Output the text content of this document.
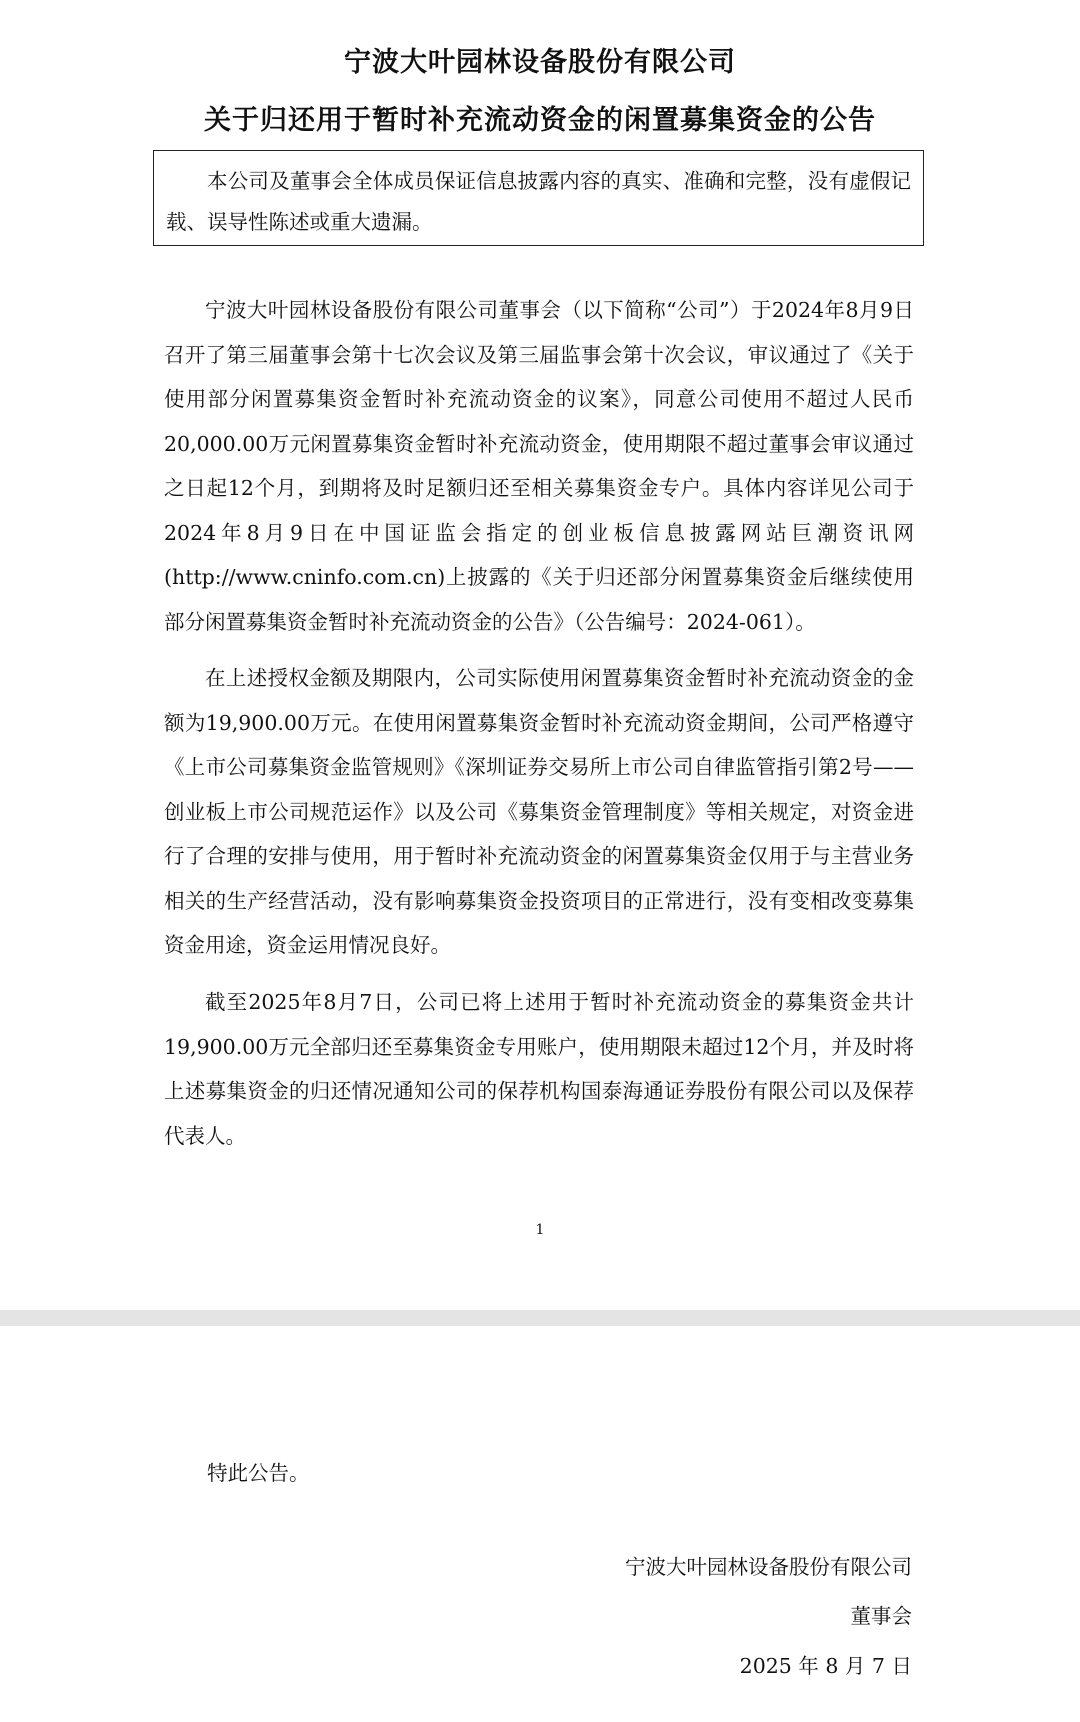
宁波大叶园林设备股份有限公司
关于归还用于暂时补充流动资金的闲置募集资金的公告
本公司及董事会全体成员保证信息披露内容的真实、准确和完整，没有虚假记载、误导性陈述或重大遗漏。

宁波大叶园林设备股份有限公司董事会（以下简称“公司”）于2024年8月9日召开了第三届董事会第十七次会议及第三届监事会第十次会议，审议通过了《关于使用部分闲置募集资金暂时补充流动资金的议案》，同意公司使用不超过人民币20,000.00万元闲置募集资金暂时补充流动资金，使用期限不超过董事会审议通过之日起12个月，到期将及时足额归还至相关募集资金专户。具体内容详见公司于2024年8月9日在中国证监会指定的创业板信息披露网站巨潮资讯网(http://www.cninfo.com.cn)上披露的《关于归还部分闲置募集资金后继续使用部分闲置募集资金暂时补充流动资金的公告》（公告编号：2024-061）。

在上述授权金额及期限内，公司实际使用闲置募集资金暂时补充流动资金的金额为19,900.00万元。在使用闲置募集资金暂时补充流动资金期间，公司严格遵守《上市公司募集资金监管规则》《深圳证券交易所上市公司自律监管指引第2号——创业板上市公司规范运作》以及公司《募集资金管理制度》等相关规定，对资金进行了合理的安排与使用，用于暂时补充流动资金的闲置募集资金仅用于与主营业务相关的生产经营活动，没有影响募集资金投资项目的正常进行，没有变相改变募集资金用途，资金运用情况良好。

截至2025年8月7日，公司已将上述用于暂时补充流动资金的募集资金共计19,900.00万元全部归还至募集资金专用账户，使用期限未超过12个月，并及时将上述募集资金的归还情况通知公司的保荐机构国泰海通证券股份有限公司以及保荐代表人。

1
特此公告。
宁波大叶园林设备股份有限公司
董事会
2025 年 8 月 7 日
